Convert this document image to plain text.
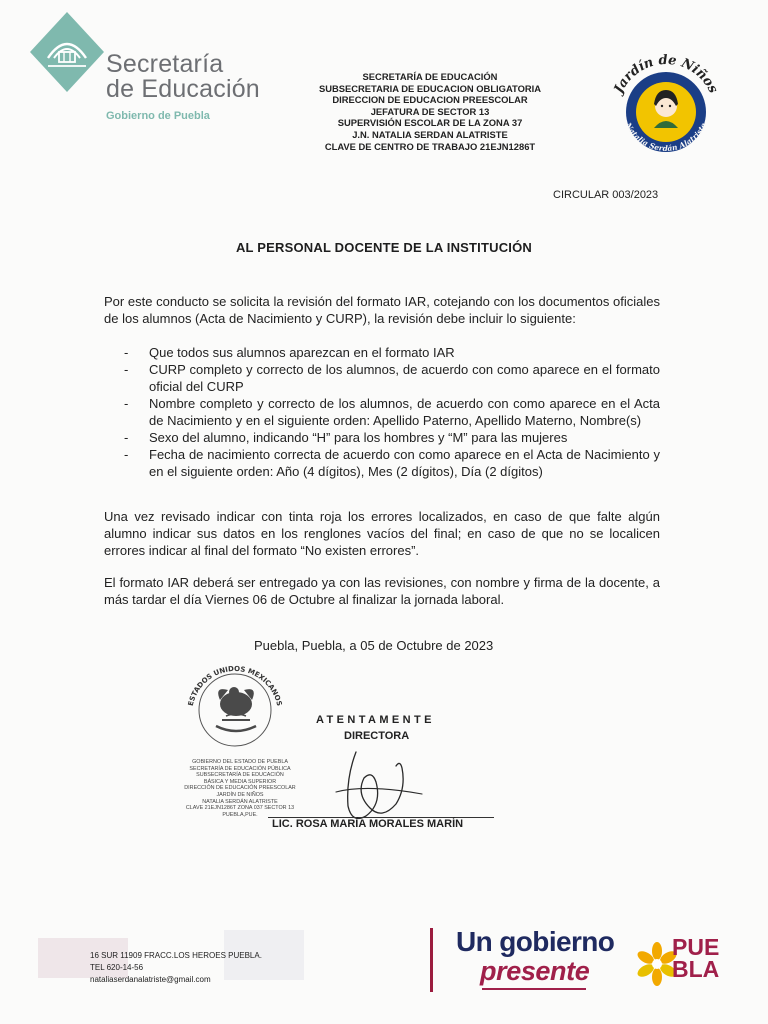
Secretaría
de Educación
Gobierno de Puebla
SECRETARÍA DE EDUCACIÓN
SUBSECRETARIA DE EDUCACION OBLIGATORIA
DIRECCION DE EDUCACION PREESCOLAR
JEFATURA DE SECTOR 13
SUPERVISIÓN ESCOLAR DE LA ZONA 37
J.N. NATALIA SERDAN ALATRISTE
CLAVE DE CENTRO DE TRABAJO 21EJN1286T
Jardín de Niños
Natalia Serdán Alatriste
CIRCULAR 003/2023
AL PERSONAL DOCENTE DE LA INSTITUCIÓN
Por este conducto se solicita la revisión del formato IAR, cotejando con los documentos oficiales de los alumnos (Acta de Nacimiento y CURP), la revisión debe incluir lo siguiente:
- Que todos sus alumnos aparezcan en el formato IAR
- CURP completo y correcto de los alumnos, de acuerdo con como aparece en el formato oficial del CURP
- Nombre completo y correcto de los alumnos, de acuerdo con como aparece en el Acta de Nacimiento y en el siguiente orden: Apellido Paterno, Apellido Materno, Nombre(s)
- Sexo del alumno, indicando “H” para los hombres y “M” para las mujeres
- Fecha de nacimiento correcta de acuerdo con como aparece en el Acta de Nacimiento y en el siguiente orden: Año (4 dígitos), Mes (2 dígitos), Día (2 dígitos)
Una vez revisado indicar con tinta roja los errores localizados, en caso de que falte algún alumno indicar sus datos en los renglones vacíos del final; en caso de que no se localicen errores indicar al final del formato “No existen errores”.
El formato IAR deberá ser entregado ya con las revisiones, con nombre y firma de la docente, a más tardar el día Viernes 06 de Octubre al finalizar la jornada laboral.
Puebla, Puebla, a 05 de Octubre de 2023
ESTADOS UNIDOS MEXICANOS
GOBIERNO DEL ESTADO DE PUEBLA
SECRETARÍA DE EDUCACIÓN PÚBLICA
SUBSECRETARÍA DE EDUCACIÓN
BÁSICA Y MEDIA SUPERIOR
DIRECCIÓN DE EDUCACIÓN PREESCOLAR
JARDÍN DE NIÑOS
NATALIA SERDÁN ALATRISTE
CLAVE 21EJN1286T ZONA 037 SECTOR 13
PUEBLA,PUE.
ATENTAMENTE
DIRECTORA
LIC. ROSA MARÍA MORALES MARÍN
16 SUR 11909 FRACC.LOS HEROES PUEBLA.
TEL 620-14-56
nataliaserdanalatriste@gmail.com
Un gobierno
presente
PUE
BLA
